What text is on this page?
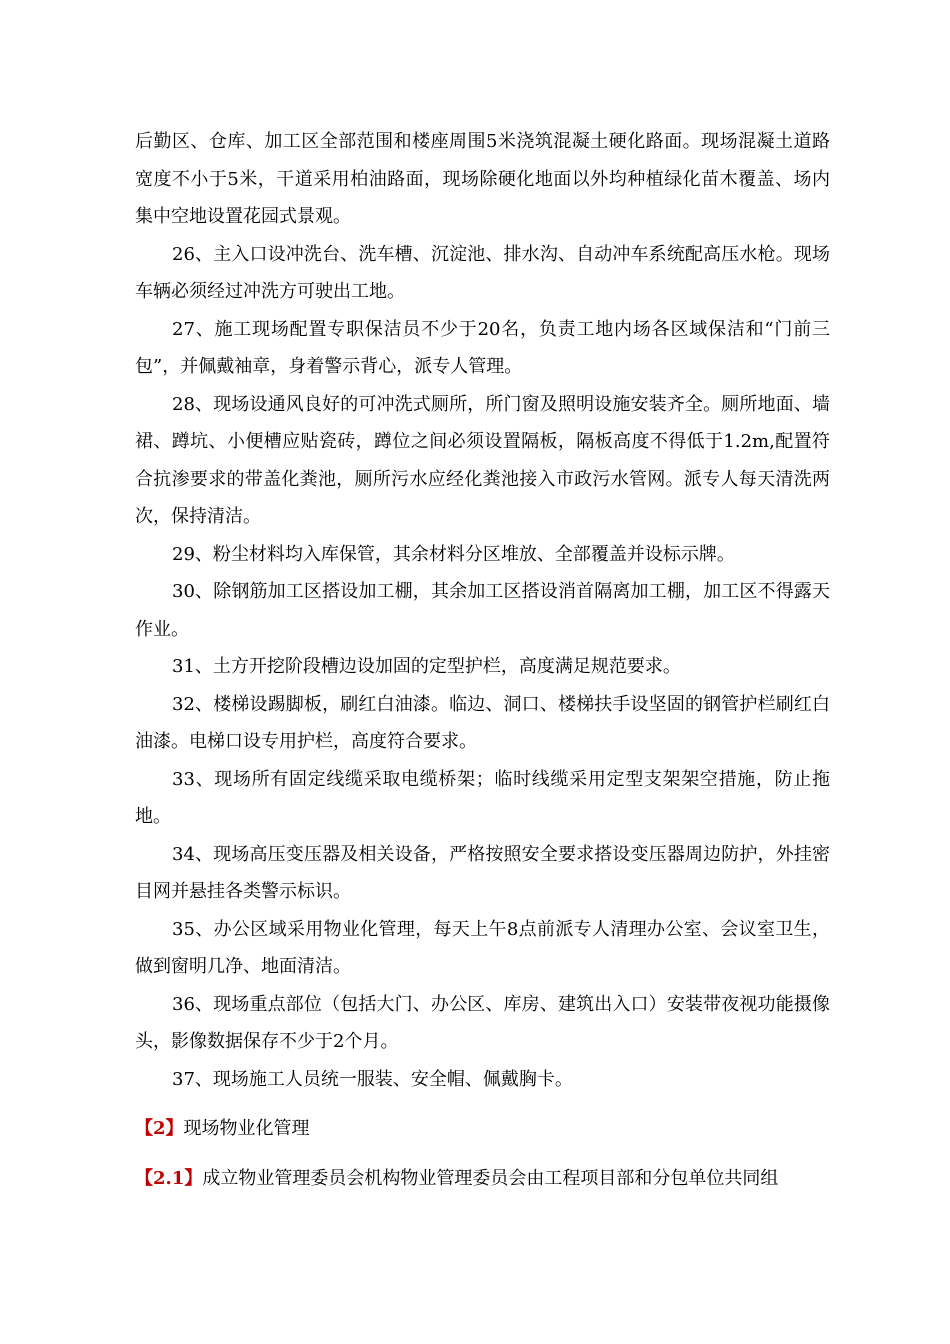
后勤区、仓库、加工区全部范围和楼座周围5米浇筑混凝土硬化路面。现场混凝土道路宽度不小于5米，干道采用柏油路面，现场除硬化地面以外均种植绿化苗木覆盖、场内集中空地设置花园式景观。

26、主入口设冲洗台、洗车槽、沉淀池、排水沟、自动冲车系统配高压水枪。现场车辆必须经过冲洗方可驶出工地。

27、施工现场配置专职保洁员不少于20名，负责工地内场各区域保洁和“门前三包”，并佩戴袖章，身着警示背心，派专人管理。

28、现场设通风良好的可冲洗式厕所，所门窗及照明设施安装齐全。厕所地面、墙裙、蹲坑、小便槽应贴瓷砖，蹲位之间必须设置隔板，隔板高度不得低于1.2m,配置符合抗渗要求的带盖化粪池，厕所污水应经化粪池接入市政污水管网。派专人每天清洗两次，保持清洁。

29、粉尘材料均入库保管，其余材料分区堆放、全部覆盖并设标示牌。

30、除钢筋加工区搭设加工棚，其余加工区搭设消首隔离加工棚，加工区不得露天作业。

31、土方开挖阶段槽边设加固的定型护栏，高度满足规范要求。

32、楼梯设踢脚板，刷红白油漆。临边、洞口、楼梯扶手设坚固的钢管护栏刷红白油漆。电梯口设专用护栏，高度符合要求。

33、现场所有固定线缆采取电缆桥架；临时线缆采用定型支架架空措施，防止拖地。

34、现场高压变压器及相关设备，严格按照安全要求搭设变压器周边防护，外挂密目网并悬挂各类警示标识。

35、办公区域采用物业化管理，每天上午8点前派专人清理办公室、会议室卫生，做到窗明几净、地面清洁。

36、现场重点部位（包括大门、办公区、库房、建筑出入口）安装带夜视功能摄像头，影像数据保存不少于2个月。

37、现场施工人员统一服装、安全帽、佩戴胸卡。

【2】现场物业化管理

【2.1】成立物业管理委员会机构物业管理委员会由工程项目部和分包单位共同组
